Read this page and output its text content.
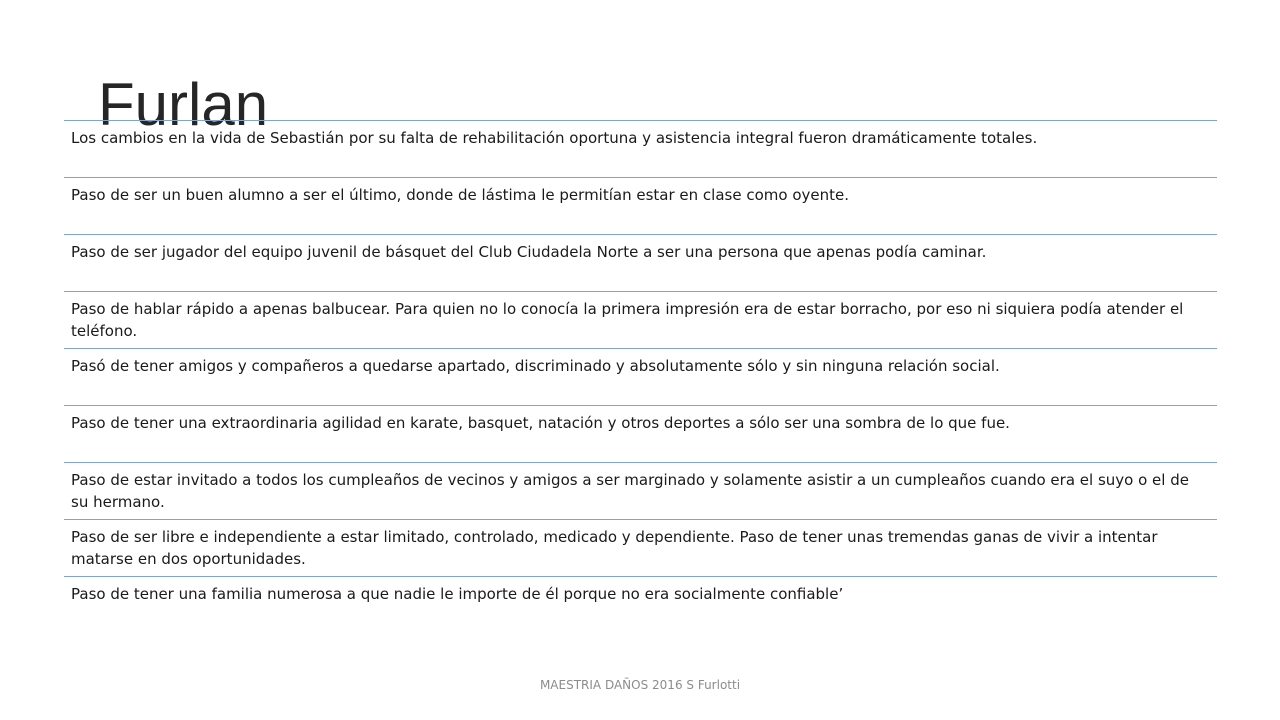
Furlan
Los cambios en la vida de Sebastián por su falta de rehabilitación oportuna y asistencia integral fueron dramáticamente totales.
Paso de ser un buen alumno a ser el último, donde de lástima le permitían estar en clase como oyente.
Paso de ser jugador del equipo juvenil de básquet del Club Ciudadela Norte a ser una persona que apenas podía caminar.
Paso de hablar rápido a apenas balbucear. Para quien no lo conocía la primera impresión era de estar borracho, por eso ni siquiera podía atender el teléfono.
Pasó de tener amigos y compañeros a quedarse apartado, discriminado y absolutamente sólo y sin ninguna relación social.
Paso de tener una extraordinaria agilidad en karate, basquet, natación y otros deportes a sólo ser una sombra de lo que fue.
Paso de estar invitado a todos los cumpleaños de vecinos y amigos a ser marginado y solamente asistir a un cumpleaños cuando era el suyo o el de su hermano.
Paso de ser libre e independiente a estar limitado, controlado, medicado y dependiente. Paso de tener unas tremendas ganas de vivir a intentar matarse en dos oportunidades.
Paso de tener una familia numerosa a que nadie le importe de él porque no era socialmente confiable’
MAESTRIA DAÑOS 2016 S Furlotti
